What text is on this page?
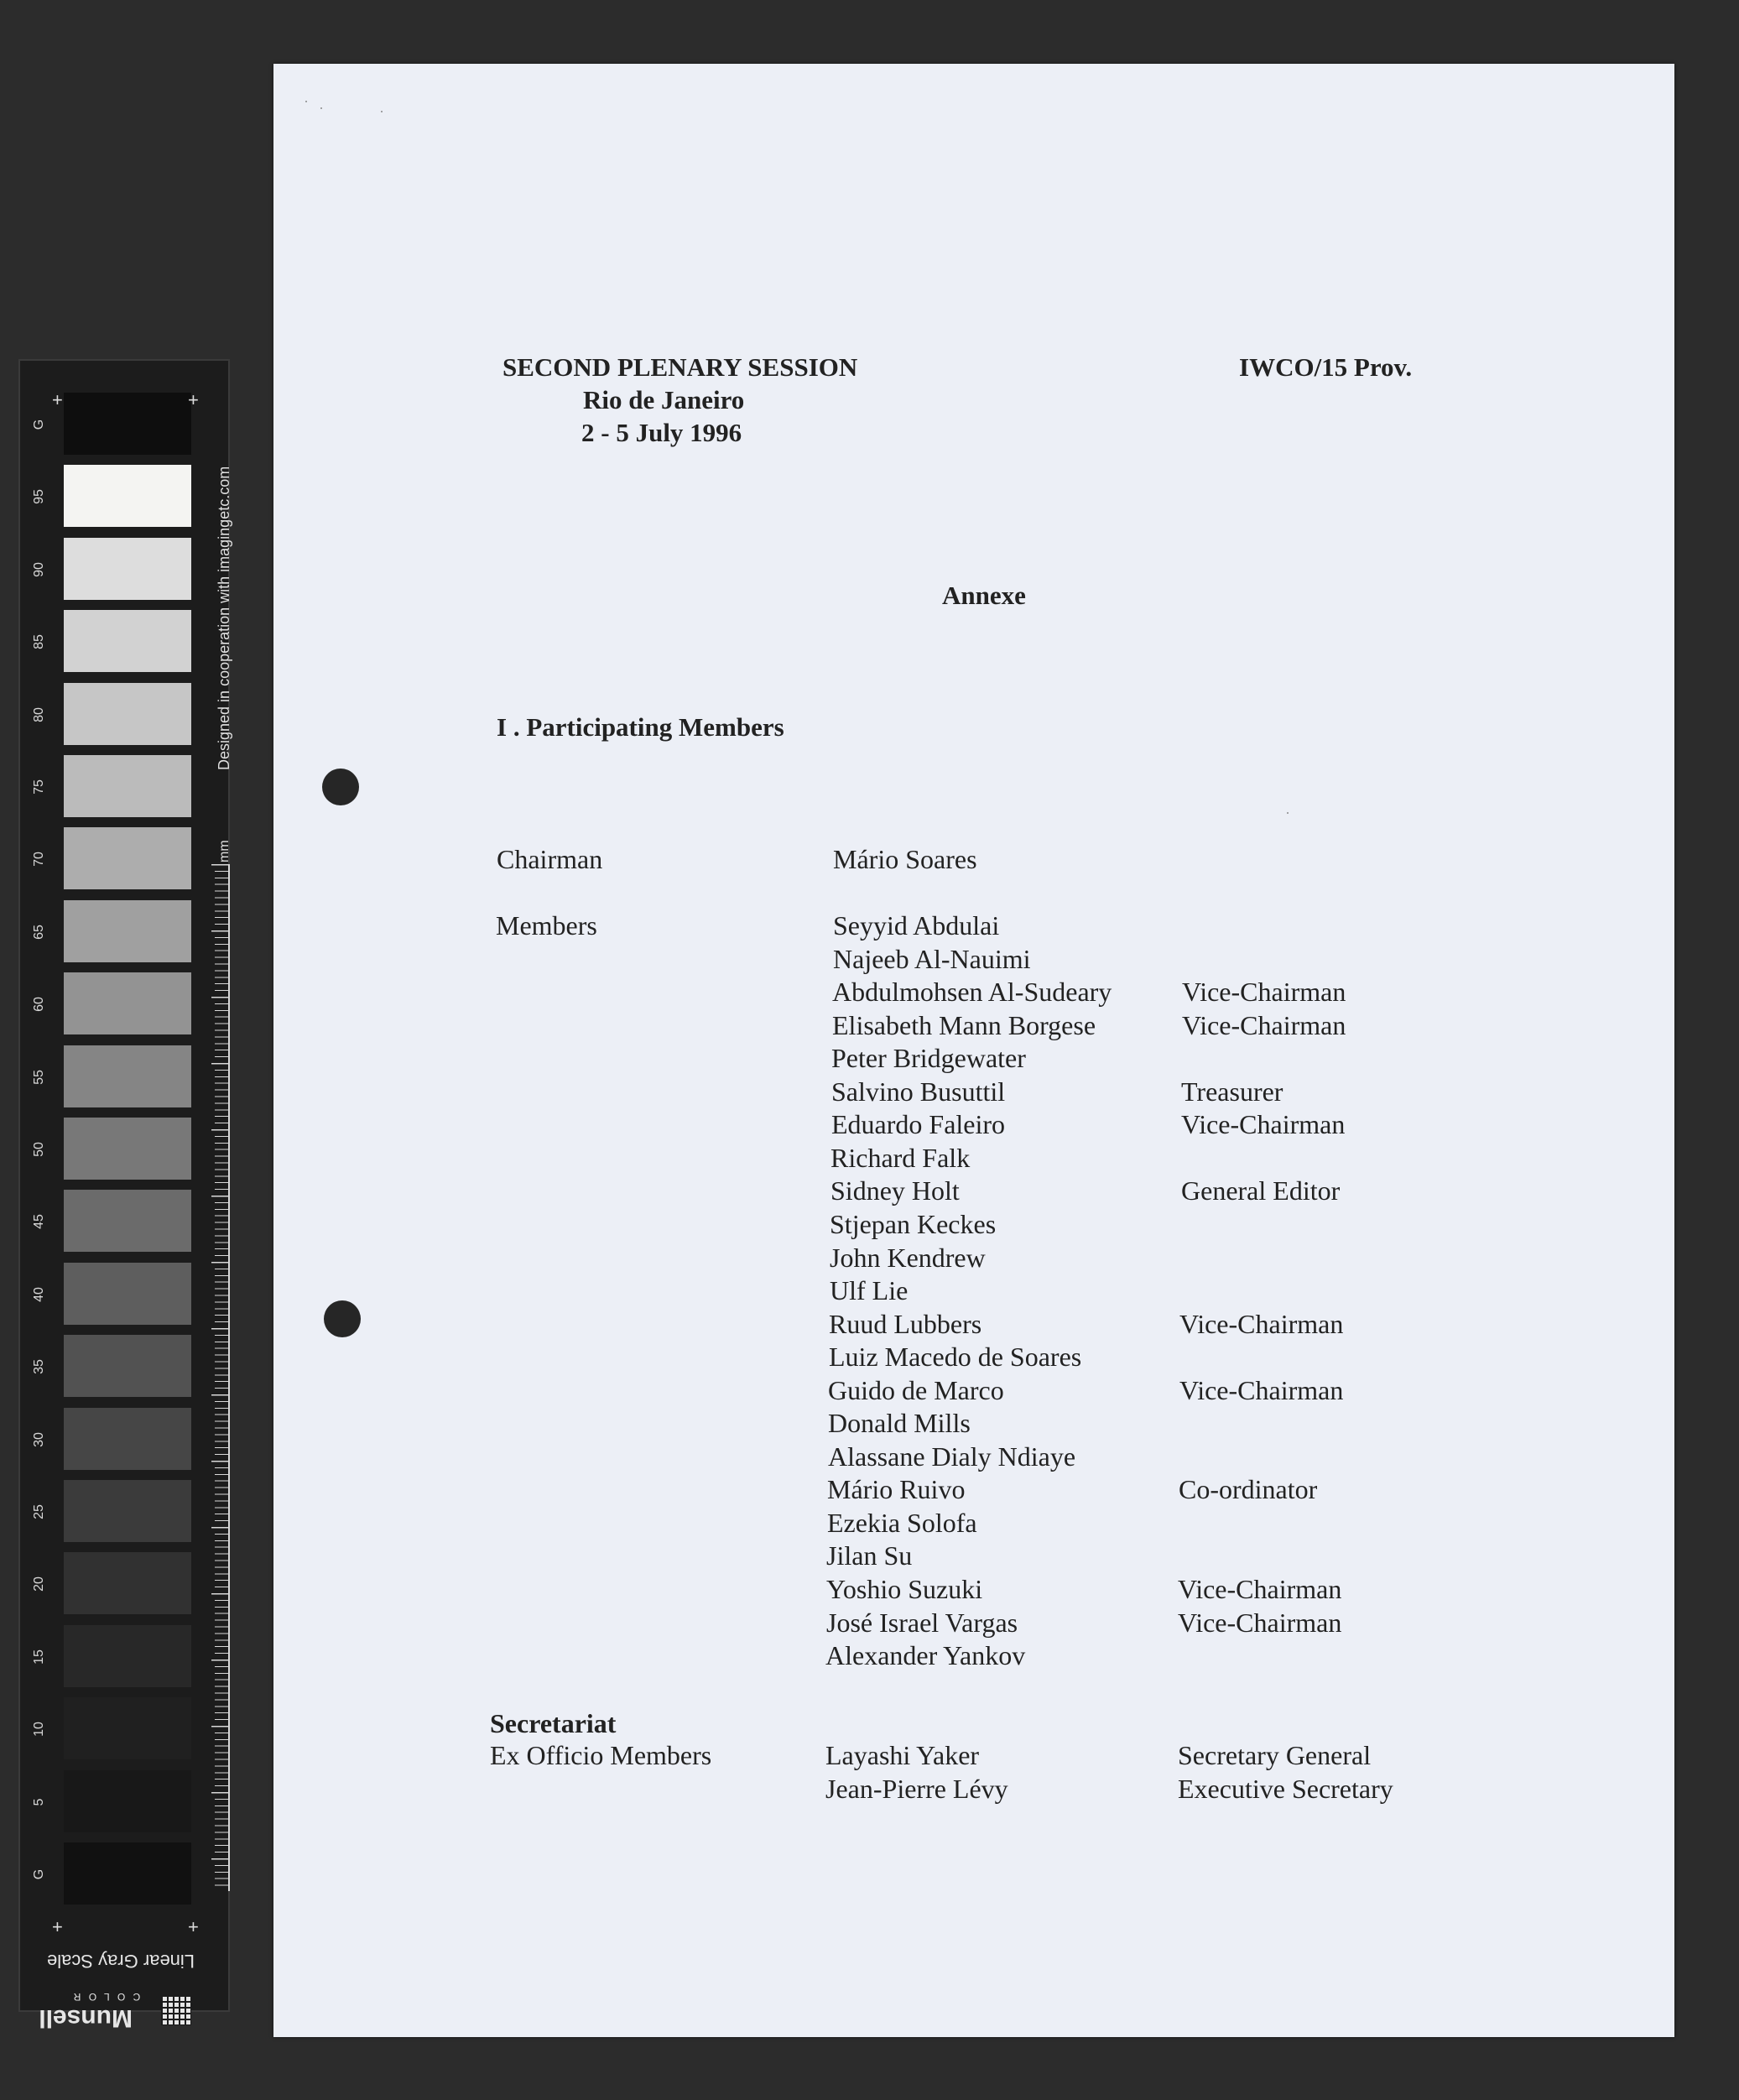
G
95
90
85
80
75
70
65
60
55
50
45
40
35
30
25
20
15
10
5
G
+	+
+	+
Designed in cooperation with imagingetc.com
mm
Linear Gray Scale
C O L O R
Munsell
SECOND PLENARY SESSION
Rio de Janeiro
2 - 5 July 1996
IWCO/15 Prov.
Annexe
I . Participating Members
Chairman	Mário Soares
Members	Seyyid Abdulai
Najeeb Al-Nauimi
Abdulmohsen Al-Sudeary	Vice-Chairman
Elisabeth Mann Borgese	Vice-Chairman
Peter Bridgewater
Salvino Busuttil	Treasurer
Eduardo Faleiro	Vice-Chairman
Richard Falk
Sidney Holt	General Editor
Stjepan Keckes
John Kendrew
Ulf Lie
Ruud Lubbers	Vice-Chairman
Luiz Macedo de Soares
Guido de Marco	Vice-Chairman
Donald Mills
Alassane Dialy Ndiaye
Mário Ruivo	Co-ordinator
Ezekia Solofa
Jilan Su
Yoshio Suzuki	Vice-Chairman
José Israel Vargas	Vice-Chairman
Alexander Yankov
Secretariat
Ex Officio Members	Layashi Yaker	Secretary General
Jean-Pierre Lévy	Executive Secretary
